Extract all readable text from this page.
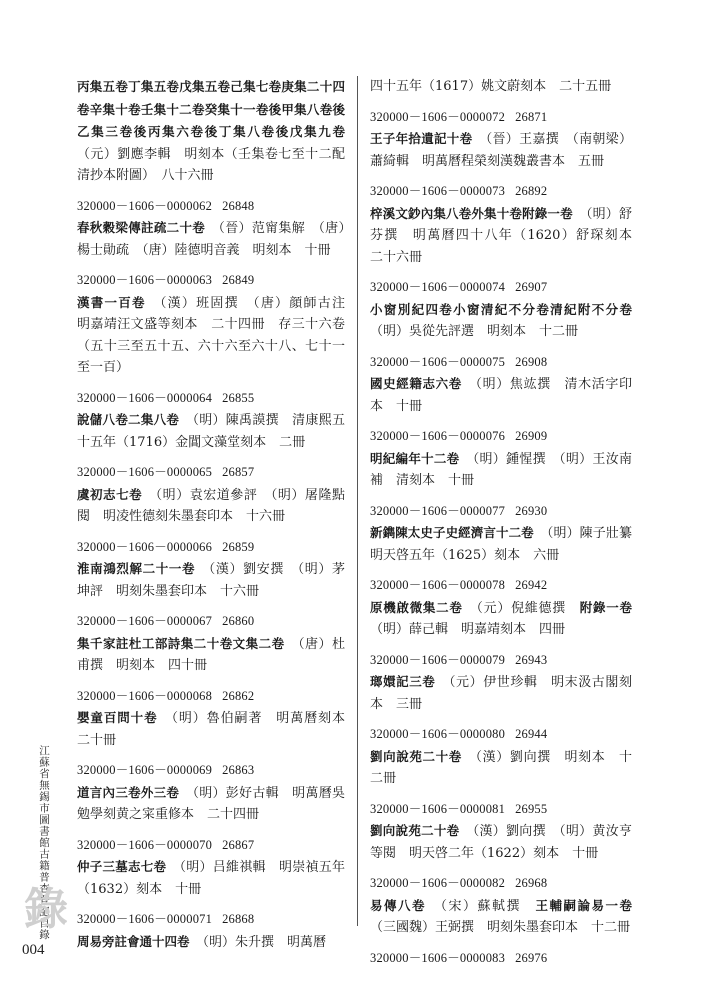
丙集五卷丁集五卷戊集五卷己集七卷庚集二十四卷辛集十卷壬集十二卷癸集十一卷後甲集八卷後乙集三卷後丙集六卷後丁集八卷後戊集九卷　（元）劉應李輯　明刻本（壬集卷七至十二配清抄本附圖）　八十六冊
320000－1606－0000062 26848
春秋穀梁傳註疏二十卷　 （晉）范甯集解　（唐）楊士勛疏　（唐）陸德明音義　明刻本　十冊
320000－1606－0000063 26849
漢書一百卷　 （漢）班固撰　（唐）顔師古注　明嘉靖汪文盛等刻本　二十四冊　存三十六卷（五十三至五十五、六十六至六十八、七十一至一百）
320000－1606－0000064 26855
說儲八卷二集八卷　 （明）陳禹謨撰　清康熙五十五年（1716）金閶文藻堂刻本　二冊
320000－1606－0000065 26857
虞初志七卷　 （明）袁宏道參評　（明）屠隆點閱　明凌性德刻朱墨套印本　十六冊
320000－1606－0000066 26859
淮南鴻烈解二十一卷　 （漢）劉安撰　（明）茅坤評　明刻朱墨套印本　十六冊
320000－1606－0000067 26860
集千家註杜工部詩集二十卷文集二卷　 （唐）杜甫撰　明刻本　四十冊
320000－1606－0000068 26862
嬰童百問十卷　 （明）魯伯嗣著　明萬曆刻本　二十冊
320000－1606－0000069 26863
道言內三卷外三卷　 （明）彭好古輯　明萬曆吳勉學刻黄之寀重修本　二十四冊
320000－1606－0000070 26867
仲子三墓志七卷　 （明）吕維祺輯　明崇禎五年（1632）刻本　十冊
320000－1606－0000071 26868
周易旁註會通十四卷　 （明）朱升撰　明萬曆
四十五年（1617）姚文蔚刻本　二十五冊
320000－1606－0000072 26871
王子年拾遺記十卷　 （晉）王嘉撰　（南朝梁）蕭綺輯　明萬曆程榮刻漢魏叢書本　五冊
320000－1606－0000073 26892
梓溪文鈔內集八卷外集十卷附錄一卷　 （明）舒芬撰　明萬曆四十八年（1620）舒琛刻本　二十六冊
320000－1606－0000074 26907
小窗別紀四卷小窗清紀不分卷清紀附不分卷　（明）吳從先評選　明刻本　十二冊
320000－1606－0000075 26908
國史經籍志六卷　 （明）焦竑撰　清木活字印本　十冊
320000－1606－0000076 26909
明紀編年十二卷　 （明）鍾惺撰　（明）王汝南補　清刻本　十冊
320000－1606－0000077 26930
新鐫陳太史子史經濟言十二卷　 （明）陳子壯纂　明天啓五年（1625）刻本　六冊
320000－1606－0000078 26942
原機啟微集二卷　 （元）倪維德撰　附錄一卷　（明）薛己輯　明嘉靖刻本　四冊
320000－1606－0000079 26943
瑯嬛記三卷　 （元）伊世珍輯　明末汲古閣刻本　三冊
320000－1606－0000080 26944
劉向說苑二十卷　 （漢）劉向撰　明刻本　十二冊
320000－1606－0000081 26955
劉向說苑二十卷　 （漢）劉向撰　（明）黄汝亨等閱　明天啓二年（1622）刻本　十冊
320000－1606－0000082 26968
易傳八卷　 （宋）蘇軾撰　王輔嗣論易一卷　（三國魏）王弼撰　明刻朱墨套印本　十二冊
320000－1606－0000083 26976
江蘇省無錫市圖書館古籍普查登記目錄
錄
004
